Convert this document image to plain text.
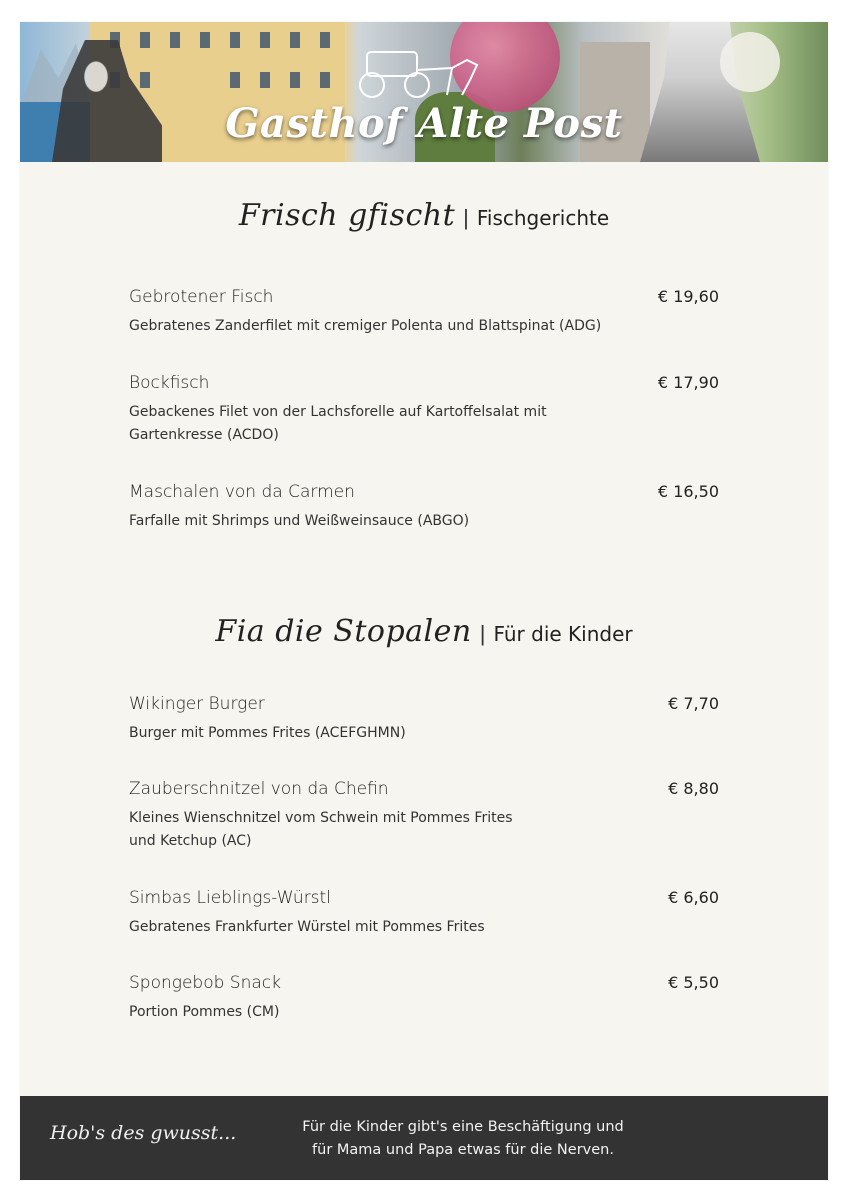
Gasthof Alte Post
Frisch gfischt | Fischgerichte
Gebrotener Fisch
Gebratenes Zanderfilet mit cremiger Polenta und Blattspinat (ADG)
€ 19,60
Bockfisch
Gebackenes Filet von der Lachsforelle auf Kartoffelsalat mit
Gartenkresse (ACDO)
€ 17,90
Maschalen von da Carmen
Farfalle mit Shrimps und Weißweinsauce (ABGO)
€ 16,50
Fia die Stopalen | Für die Kinder
Wikinger Burger
Burger mit Pommes Frites (ACEFGHMN)
€ 7,70
Zauberschnitzel von da Chefin
Kleines Wienschnitzel vom Schwein mit Pommes Frites
und Ketchup (AC)
€ 8,80
Simbas Lieblings-Würstl
Gebratenes Frankfurter Würstel mit Pommes Frites
€ 6,60
Spongebob Snack
Portion Pommes (CM)
€ 5,50
Hob's des gwusst...	Für die Kinder gibt's eine Beschäftigung und
für Mama und Papa etwas für die Nerven.
